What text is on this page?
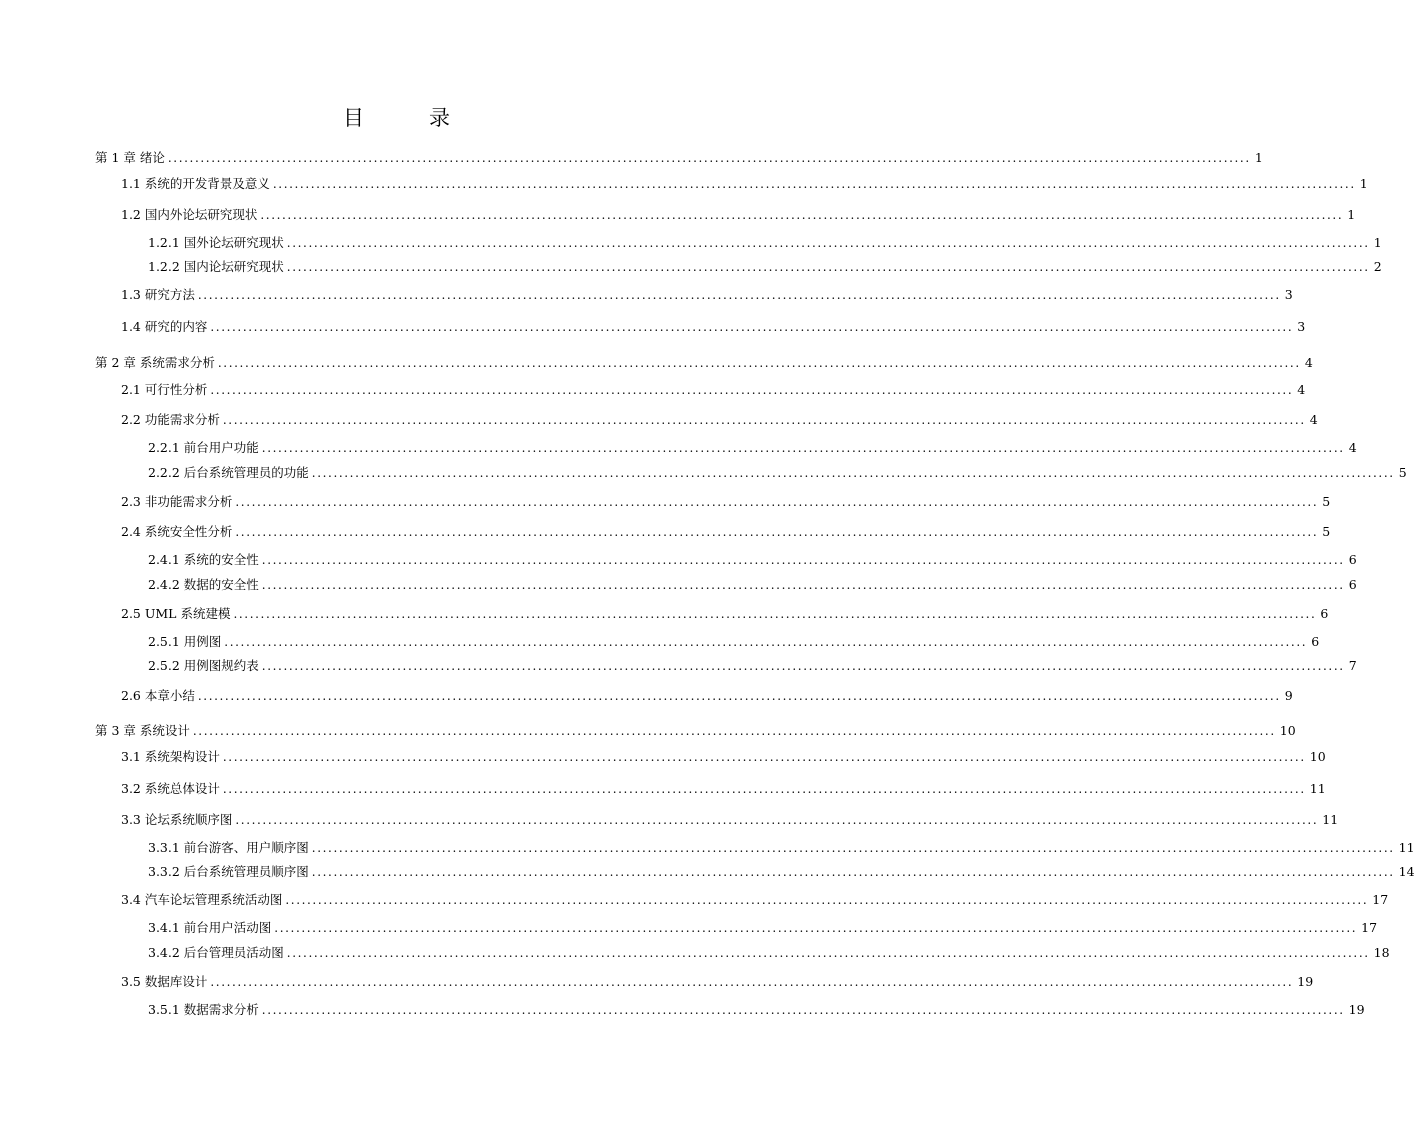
目　录
第 1 章 绪论 ........................................................................................................................................................................................................ 1
1.1 系统的开发背景及意义 ........................................................................................................................................................................................................ 1
1.2 国内外论坛研究现状 ........................................................................................................................................................................................................ 1
1.2.1 国外论坛研究现状 ........................................................................................................................................................................................................ 1
1.2.2 国内论坛研究现状 ........................................................................................................................................................................................................ 2
1.3 研究方法 ........................................................................................................................................................................................................ 3
1.4 研究的内容 ........................................................................................................................................................................................................ 3
第 2 章 系统需求分析 ........................................................................................................................................................................................................ 4
2.1 可行性分析 ........................................................................................................................................................................................................ 4
2.2 功能需求分析 ........................................................................................................................................................................................................ 4
2.2.1 前台用户功能 ........................................................................................................................................................................................................ 4
2.2.2 后台系统管理员的功能 ........................................................................................................................................................................................................ 5
2.3 非功能需求分析 ........................................................................................................................................................................................................ 5
2.4 系统安全性分析 ........................................................................................................................................................................................................ 5
2.4.1 系统的安全性 ........................................................................................................................................................................................................ 6
2.4.2 数据的安全性 ........................................................................................................................................................................................................ 6
2.5 UML 系统建模 ........................................................................................................................................................................................................ 6
2.5.1 用例图 ........................................................................................................................................................................................................ 6
2.5.2 用例图规约表 ........................................................................................................................................................................................................ 7
2.6 本章小结 ........................................................................................................................................................................................................ 9
第 3 章 系统设计 ........................................................................................................................................................................................................ 10
3.1 系统架构设计 ........................................................................................................................................................................................................ 10
3.2 系统总体设计 ........................................................................................................................................................................................................ 11
3.3 论坛系统顺序图 ........................................................................................................................................................................................................ 11
3.3.1 前台游客、用户顺序图 ........................................................................................................................................................................................................ 11
3.3.2 后台系统管理员顺序图 ........................................................................................................................................................................................................ 14
3.4 汽车论坛管理系统活动图 ........................................................................................................................................................................................................ 17
3.4.1 前台用户活动图 ........................................................................................................................................................................................................ 17
3.4.2 后台管理员活动图 ........................................................................................................................................................................................................ 18
3.5 数据库设计 ........................................................................................................................................................................................................ 19
3.5.1 数据需求分析 ........................................................................................................................................................................................................ 19
